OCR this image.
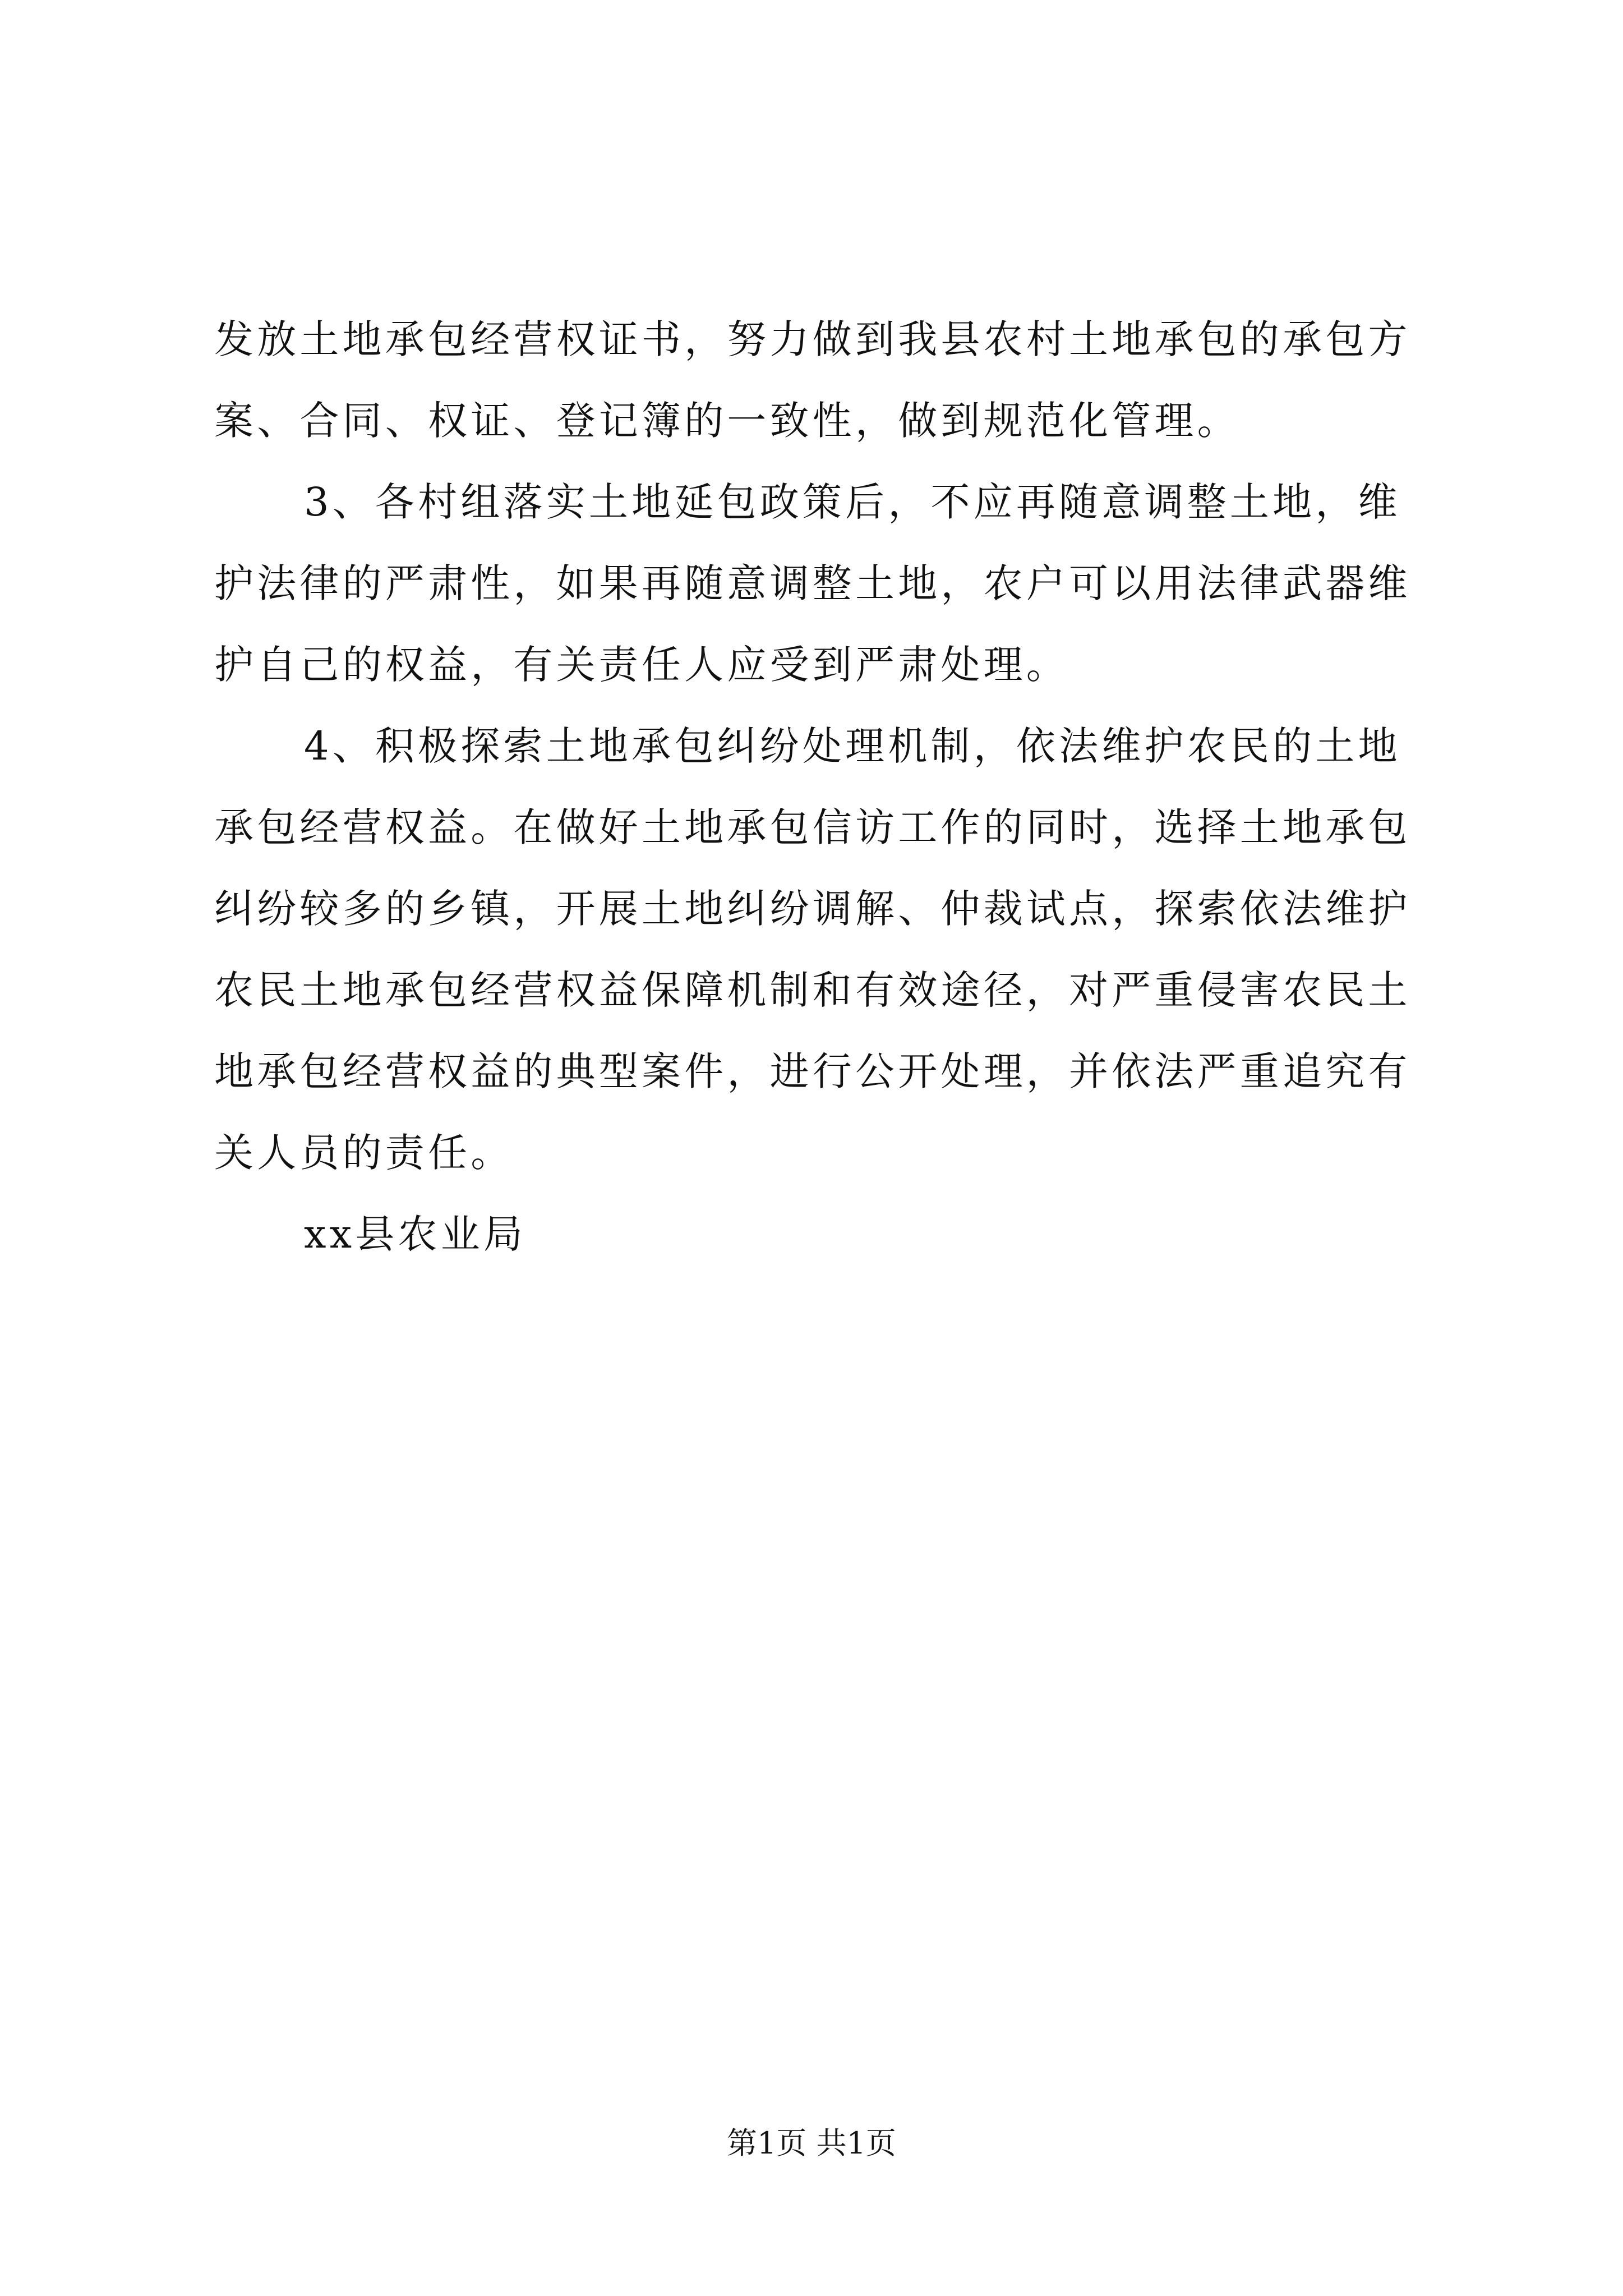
发放土地承包经营权证书，努力做到我县农村土地承包的承包方
案、合同、权证、登记簿的一致性，做到规范化管理。
3、各村组落实土地延包政策后，不应再随意调整土地，维
护法律的严肃性，如果再随意调整土地，农户可以用法律武器维
护自己的权益，有关责任人应受到严肃处理。
4、积极探索土地承包纠纷处理机制，依法维护农民的土地
承包经营权益。在做好土地承包信访工作的同时，选择土地承包
纠纷较多的乡镇，开展土地纠纷调解、仲裁试点，探索依法维护
农民土地承包经营权益保障机制和有效途径，对严重侵害农民土
地承包经营权益的典型案件，进行公开处理，并依法严重追究有
关人员的责任。
xx县农业局
第1页 共1页
